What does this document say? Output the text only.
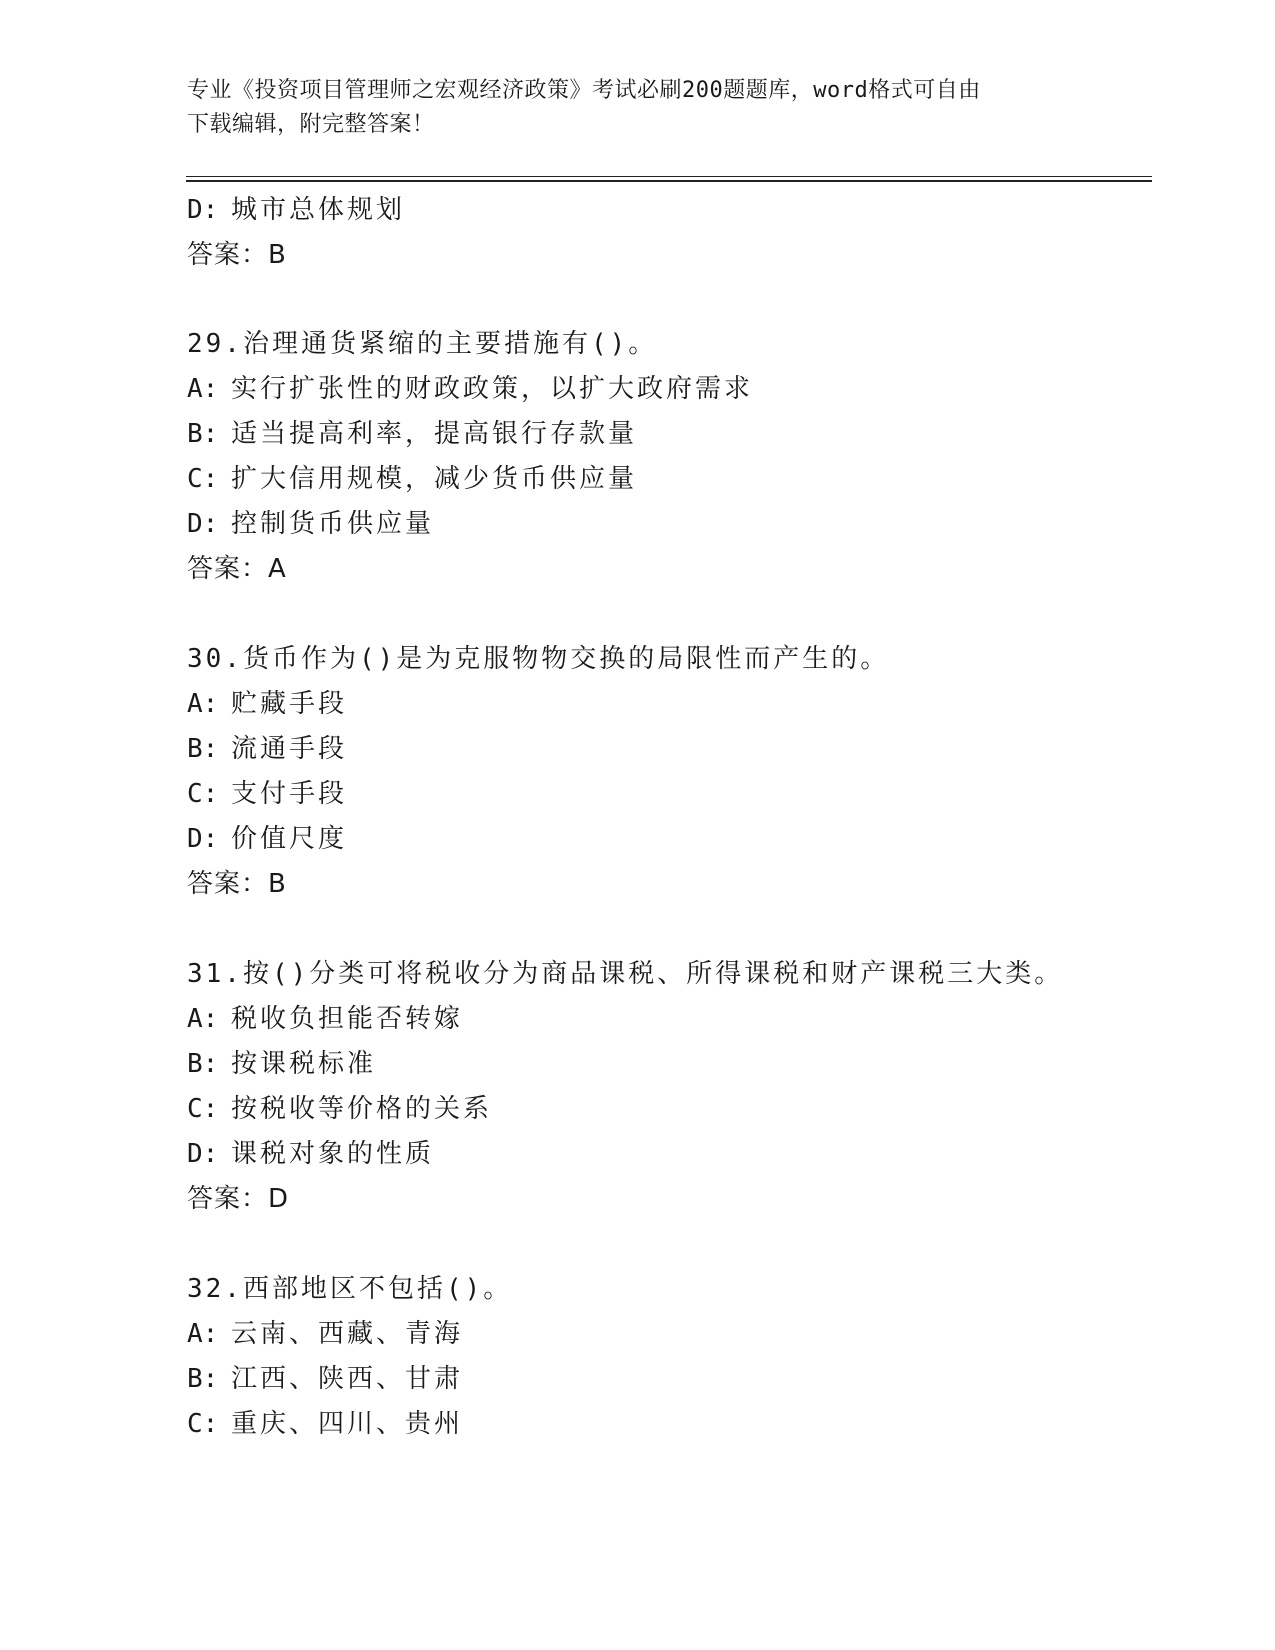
专业《投资项目管理师之宏观经济政策》考试必刷200题题库，word格式可自由
下载编辑，附完整答案！
D: 城市总体规划
答案：B
29.治理通货紧缩的主要措施有()。
A: 实行扩张性的财政政策，以扩大政府需求
B: 适当提高利率，提高银行存款量
C: 扩大信用规模，减少货币供应量
D: 控制货币供应量
答案：A
30.货币作为()是为克服物物交换的局限性而产生的。
A: 贮藏手段
B: 流通手段
C: 支付手段
D: 价值尺度
答案：B
31.按()分类可将税收分为商品课税、所得课税和财产课税三大类。
A: 税收负担能否转嫁
B: 按课税标准
C: 按税收等价格的关系
D: 课税对象的性质
答案：D
32.西部地区不包括()。
A: 云南、西藏、青海
B: 江西、陕西、甘肃
C: 重庆、四川、贵州
